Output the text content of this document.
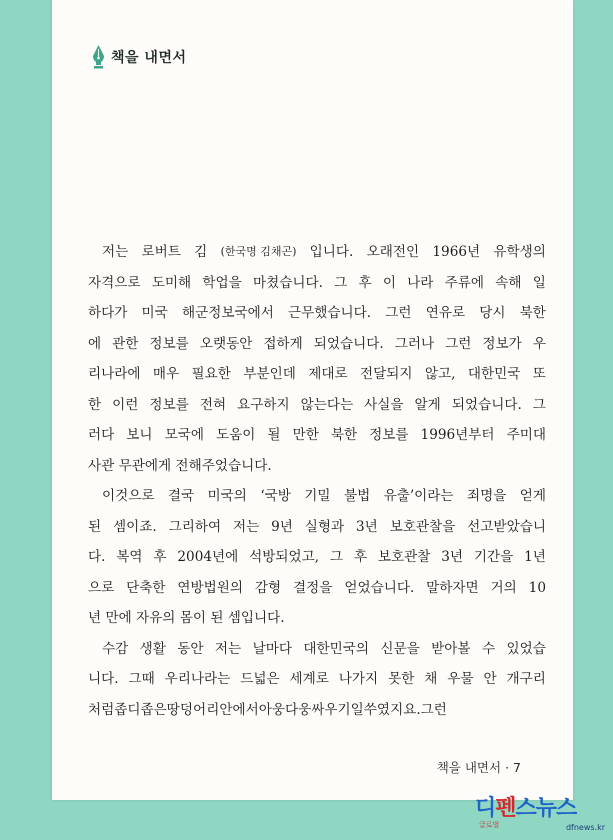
책을 내면서
저는 로버트 김 (한국명 김채곤) 입니다. 오래전인 1966년 유학생의
자격으로 도미해 학업을 마쳤습니다. 그 후 이 나라 주류에 속해 일
하다가 미국 해군정보국에서 근무했습니다. 그런 연유로 당시 북한
에 관한 정보를 오랫동안 접하게 되었습니다. 그러나 그런 정보가 우
리나라에 매우 필요한 부분인데 제대로 전달되지 않고, 대한민국 또
한 이런 정보를 전혀 요구하지 않는다는 사실을 알게 되었습니다. 그
러다 보니 모국에 도움이 될 만한 북한 정보를 1996년부터 주미대
사관 무관에게 전해주었습니다.
이것으로 결국 미국의 ‘국방 기밀 불법 유출’이라는 죄명을 얻게
된 셈이죠. 그리하여 저는 9년 실형과 3년 보호관찰을 선고받았습니
다. 복역 후 2004년에 석방되었고, 그 후 보호관찰 3년 기간을 1년
으로 단축한 연방법원의 감형 결정을 얻었습니다. 말하자면 거의 10
년 만에 자유의 몸이 된 셈입니다.
수감 생활 동안 저는 날마다 대한민국의 신문을 받아볼 수 있었습
니다. 그때 우리나라는 드넓은 세계로 나가지 못한 채 우물 안 개구리
처럼 좁디좁은 땅덩어리 안에서 아웅다웅 싸우기 일쑤였지요. 그런
책을 내면서 · 7
디펜스뉴스
글로벌	dfnews.kr
